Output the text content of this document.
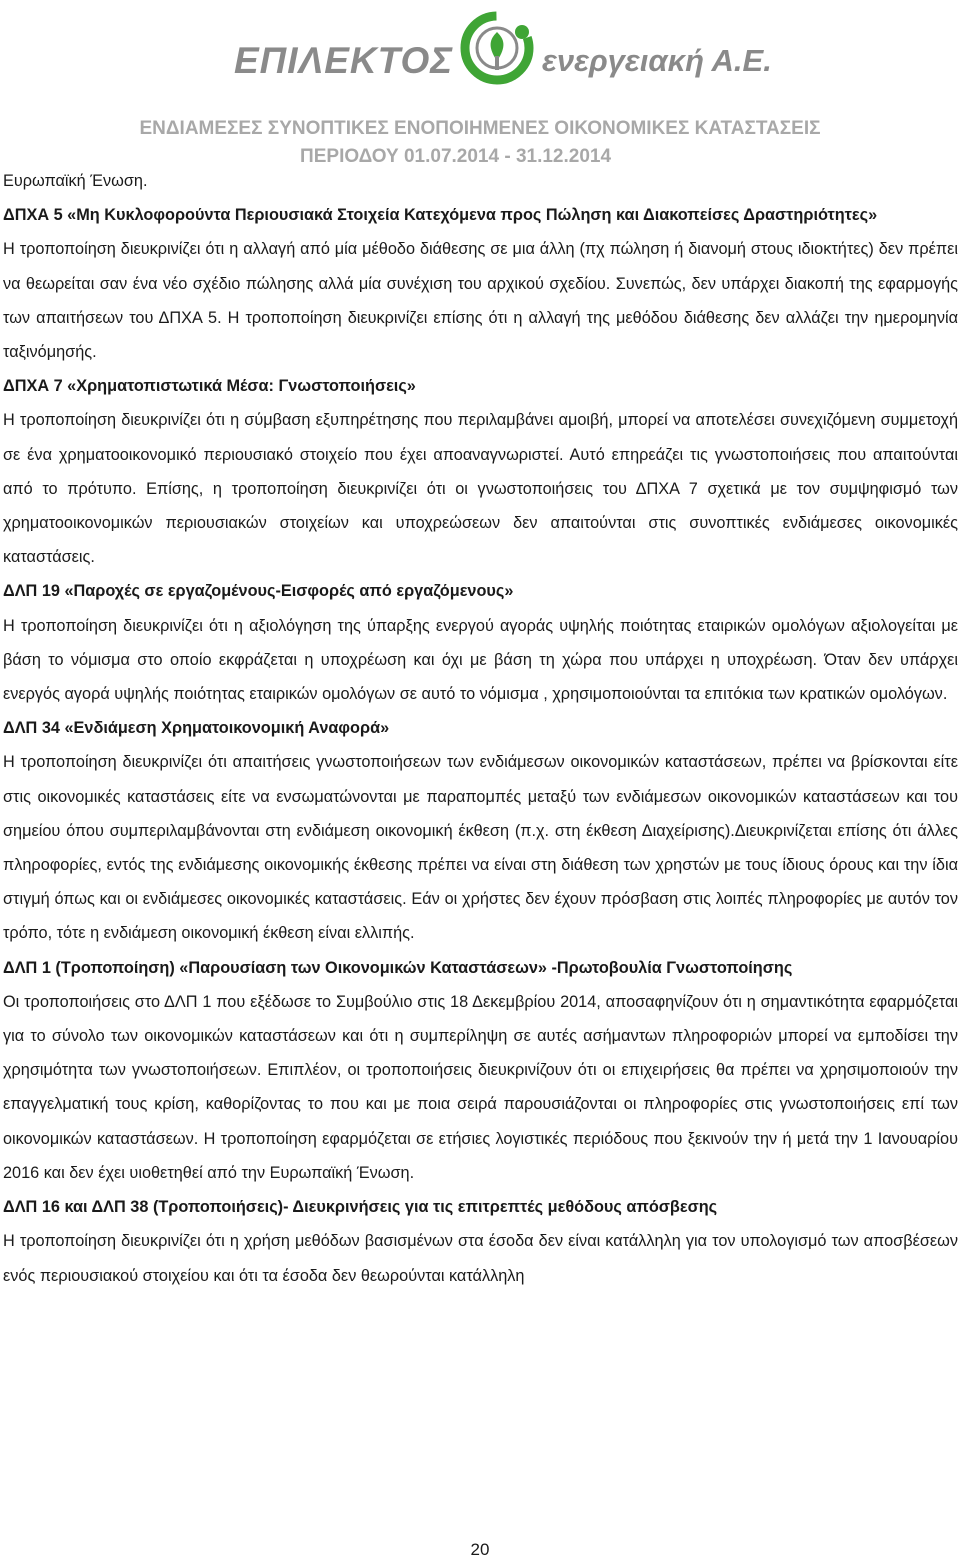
ΕΠΙΛΕΚΤΟΣ	ενεργειακή Α.Ε.
ΕΝΔΙΑΜΕΣΕΣ ΣΥΝΟΠΤΙΚΕΣ ΕΝΟΠΟΙΗΜΕΝΕΣ ΟΙΚΟΝΟΜΙΚΕΣ ΚΑΤΑΣΤΑΣΕΙΣ
ΠΕΡΙΟΔΟΥ 01.07.2014 - 31.12.2014

Ευρωπαϊκή Ένωση.

ΔΠΧΑ 5 «Μη Κυκλοφορούντα Περιουσιακά Στοιχεία Κατεχόμενα προς Πώληση και Διακοπείσες Δραστηριότητες»

Η τροποποίηση διευκρινίζει ότι η αλλαγή από μία μέθοδο διάθεσης σε μια άλλη (πχ πώληση ή διανομή στους ιδιοκτήτες) δεν πρέπει να θεωρείται σαν ένα νέο σχέδιο πώλησης αλλά μία συνέχιση του αρχικού σχεδίου. Συνεπώς, δεν υπάρχει διακοπή της εφαρμογής των απαιτήσεων του ΔΠΧΑ 5. Η τροποποίηση διευκρινίζει επίσης ότι η αλλαγή της μεθόδου διάθεσης δεν αλλάζει την ημερομηνία ταξινόμησής.

ΔΠΧΑ 7 «Χρηματοπιστωτικά Μέσα: Γνωστοποιήσεις»

Η τροποποίηση διευκρινίζει ότι η σύμβαση εξυπηρέτησης που περιλαμβάνει αμοιβή, μπορεί να αποτελέσει συνεχιζόμενη συμμετοχή σε ένα χρηματοοικονομικό περιουσιακό στοιχείο που έχει αποαναγνωριστεί. Αυτό επηρεάζει τις γνωστοποιήσεις που απαιτούνται από το πρότυπο. Επίσης, η τροποποίηση διευκρινίζει ότι οι γνωστοποιήσεις του ΔΠΧΑ 7 σχετικά με τον συμψηφισμό των χρηματοοικονομικών περιουσιακών στοιχείων και υποχρεώσεων δεν απαιτούνται στις συνοπτικές ενδιάμεσες οικονομικές καταστάσεις.

ΔΛΠ 19 «Παροχές σε εργαζομένους-Εισφορές από εργαζόμενους»

Η τροποποίηση διευκρινίζει ότι η αξιολόγηση της ύπαρξης ενεργού αγοράς υψηλής ποιότητας εταιρικών ομολόγων αξιολογείται με βάση το νόμισμα στο οποίο εκφράζεται η υποχρέωση και όχι με βάση τη χώρα που υπάρχει η υποχρέωση. Όταν δεν υπάρχει ενεργός αγορά υψηλής ποιότητας εταιρικών ομολόγων σε αυτό το νόμισμα , χρησιμοποιούνται τα επιτόκια των κρατικών ομολόγων.

ΔΛΠ 34 «Ενδιάμεση Χρηματοικονομική Αναφορά»

Η τροποποίηση διευκρινίζει ότι απαιτήσεις γνωστοποιήσεων των ενδιάμεσων οικονομικών καταστάσεων, πρέπει να βρίσκονται είτε στις οικονομικές καταστάσεις είτε να ενσωματώνονται με παραπομπές μεταξύ των ενδιάμεσων οικονομικών καταστάσεων και του σημείου όπου συμπεριλαμβάνονται στη ενδιάμεση οικονομική έκθεση (π.χ. στη έκθεση Διαχείρισης).Διευκρινίζεται επίσης ότι άλλες πληροφορίες, εντός της ενδιάμεσης οικονομικής έκθεσης πρέπει να είναι στη διάθεση των χρηστών με τους ίδιους όρους και την ίδια στιγμή όπως και οι ενδιάμεσες οικονομικές καταστάσεις. Εάν οι χρήστες δεν έχουν πρόσβαση στις λοιπές πληροφορίες με αυτόν τον τρόπο, τότε η ενδιάμεση οικονομική έκθεση είναι ελλιπής.

ΔΛΠ 1 (Τροποποίηση) «Παρουσίαση των Οικονομικών Καταστάσεων» -Πρωτοβουλία Γνωστοποίησης

Οι τροποποιήσεις στο ΔΛΠ 1 που εξέδωσε το Συμβούλιο στις 18 Δεκεμβρίου 2014, αποσαφηνίζουν ότι η σημαντικότητα εφαρμόζεται για το σύνολο των οικονομικών καταστάσεων και ότι η συμπερίληψη σε αυτές ασήμαντων πληροφοριών μπορεί να εμποδίσει την χρησιμότητα των γνωστοποιήσεων. Επιπλέον, οι τροποποιήσεις διευκρινίζουν ότι οι επιχειρήσεις θα πρέπει να χρησιμοποιούν την επαγγελματική τους κρίση, καθορίζοντας το που και με ποια σειρά παρουσιάζονται οι πληροφορίες στις γνωστοποιήσεις επί των οικονομικών καταστάσεων. Η τροποποίηση εφαρμόζεται σε ετήσιες λογιστικές περιόδους που ξεκινούν την ή μετά την 1 Ιανουαρίου 2016 και δεν έχει υιοθετηθεί από την Ευρωπαϊκή Ένωση.

ΔΛΠ 16 και ΔΛΠ 38 (Τροποποιήσεις)- Διευκρινήσεις για τις επιτρεπτές μεθόδους απόσβεσης

Η τροποποίηση διευκρινίζει ότι η χρήση μεθόδων βασισμένων στα έσοδα δεν είναι κατάλληλη για τον υπολογισμό των αποσβέσεων ενός περιουσιακού στοιχείου και ότι τα έσοδα δεν θεωρούνται κατάλληλη

20
